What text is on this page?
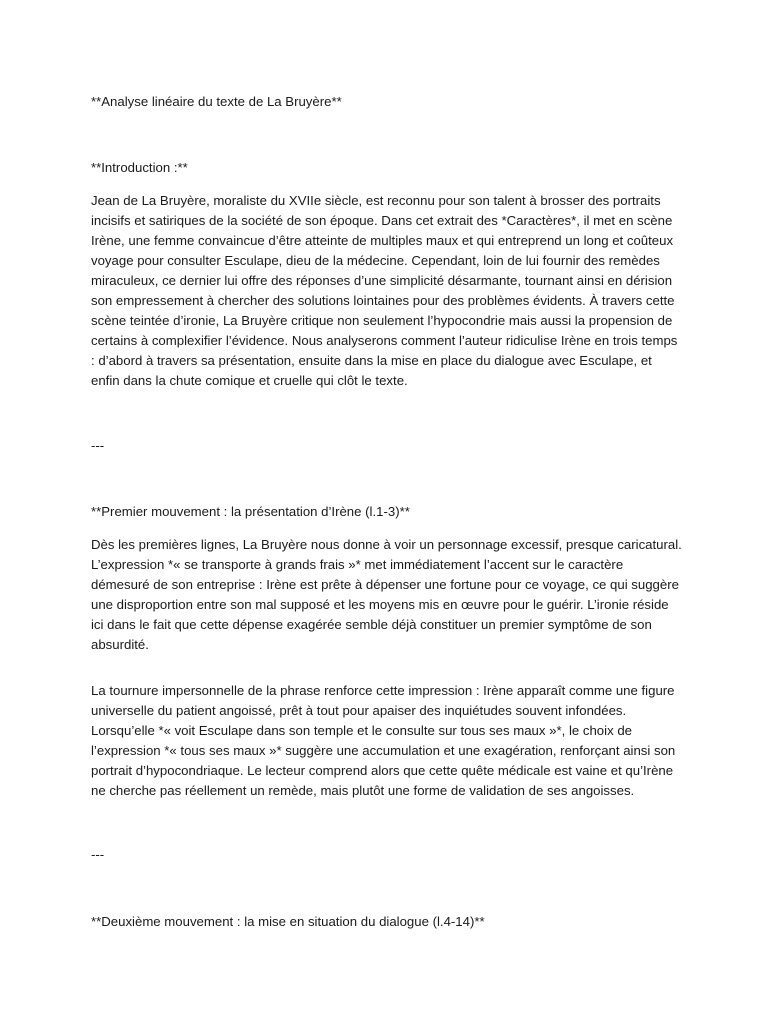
**Analyse linéaire du texte de La Bruyère**

**Introduction :**

Jean de La Bruyère, moraliste du XVIIe siècle, est reconnu pour son talent à brosser des portraits incisifs et satiriques de la société de son époque. Dans cet extrait des *Caractères*, il met en scène Irène, une femme convaincue d’être atteinte de multiples maux et qui entreprend un long et coûteux voyage pour consulter Esculape, dieu de la médecine. Cependant, loin de lui fournir des remèdes miraculeux, ce dernier lui offre des réponses d’une simplicité désarmante, tournant ainsi en dérision son empressement à chercher des solutions lointaines pour des problèmes évidents. À travers cette scène teintée d’ironie, La Bruyère critique non seulement l’hypocondrie mais aussi la propension de certains à complexifier l’évidence. Nous analyserons comment l’auteur ridiculise Irène en trois temps : d’abord à travers sa présentation, ensuite dans la mise en place du dialogue avec Esculape, et enfin dans la chute comique et cruelle qui clôt le texte.

---

**Premier mouvement : la présentation d’Irène (l.1-3)**

Dès les premières lignes, La Bruyère nous donne à voir un personnage excessif, presque caricatural. L’expression *« se transporte à grands frais »* met immédiatement l’accent sur le caractère démesuré de son entreprise : Irène est prête à dépenser une fortune pour ce voyage, ce qui suggère une disproportion entre son mal supposé et les moyens mis en œuvre pour le guérir. L’ironie réside ici dans le fait que cette dépense exagérée semble déjà constituer un premier symptôme de son absurdité.

La tournure impersonnelle de la phrase renforce cette impression : Irène apparaît comme une figure universelle du patient angoissé, prêt à tout pour apaiser des inquiétudes souvent infondées. Lorsqu’elle *« voit Esculape dans son temple et le consulte sur tous ses maux »*, le choix de l’expression *« tous ses maux »* suggère une accumulation et une exagération, renforçant ainsi son portrait d’hypocondriaque. Le lecteur comprend alors que cette quête médicale est vaine et qu’Irène ne cherche pas réellement un remède, mais plutôt une forme de validation de ses angoisses.

---

**Deuxième mouvement : la mise en situation du dialogue (l.4-14)**
